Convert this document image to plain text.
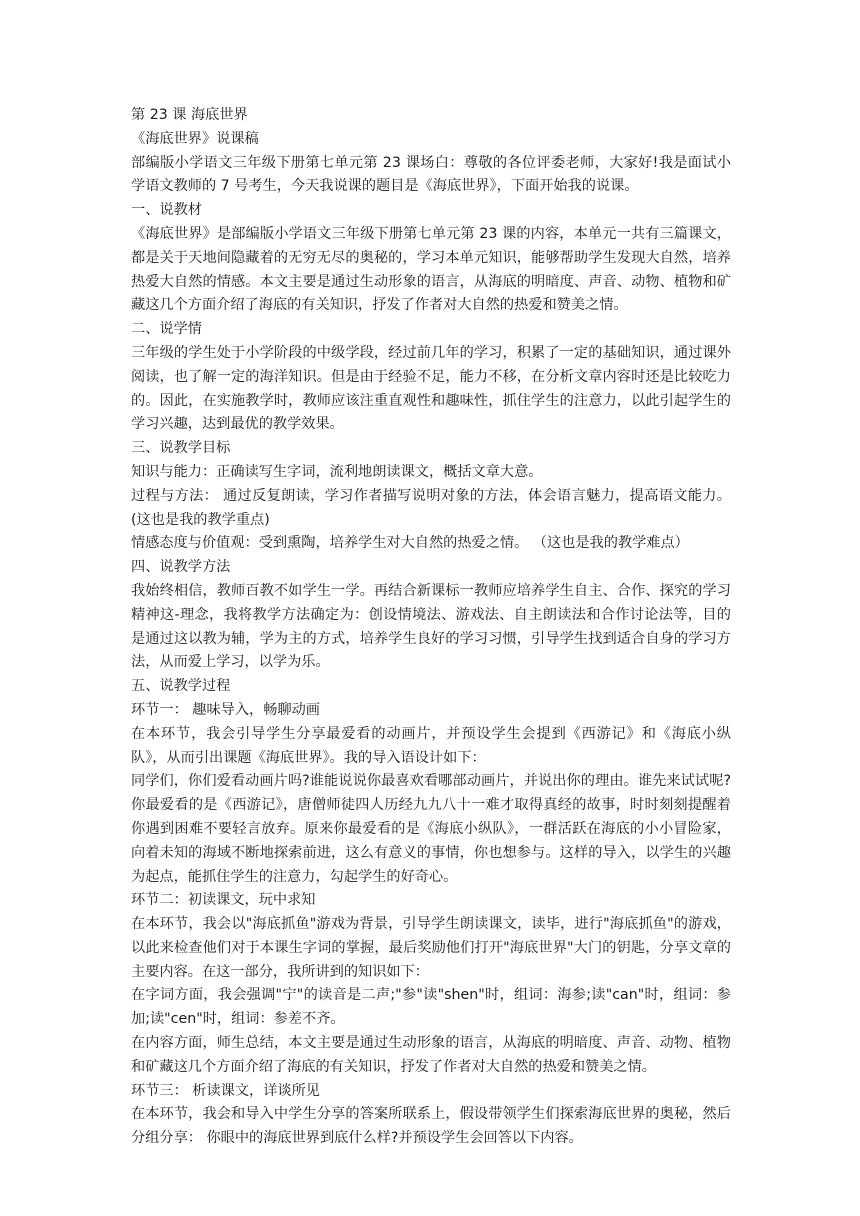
第 23 课 海底世界

《海底世界》说课稿

部编版小学语文三年级下册第七单元第 23 课场白：尊敬的各位评委老师，大家好!我是面试小学语文教师的 7 号考生，今天我说课的题目是《海底世界》，下面开始我的说课。

一、说教材

《海底世界》是部编版小学语文三年级下册第七单元第 23 课的内容，本单元一共有三篇课文，都是关于天地间隐藏着的无穷无尽的奥秘的，学习本单元知识，能够帮助学生发现大自然，培养热爱大自然的情感。本文主要是通过生动形象的语言，从海底的明暗度、声音、动物、植物和矿藏这几个方面介绍了海底的有关知识，抒发了作者对大自然的热爱和赞美之情。

二、说学情

三年级的学生处于小学阶段的中级学段，经过前几年的学习，积累了一定的基础知识，通过课外阅读，也了解一定的海洋知识。但是由于经验不足，能力不移，在分析文章内容时还是比较吃力的。因此，在实施教学时，教师应该注重直观性和趣味性，抓住学生的注意力，以此引起学生的学习兴趣，达到最优的教学效果。

三、说教学目标

知识与能力：正确读写生字词，流利地朗读课文，概括文章大意。

过程与方法： 通过反复朗读，学习作者描写说明对象的方法，体会语言魅力，提高语文能力。(这也是我的教学重点)

情感态度与价值观：受到熏陶，培养学生对大自然的热爱之情。 （这也是我的教学难点）

四、说教学方法

我始终相信，教师百教不如学生一学。再结合新课标一教师应培养学生自主、合作、探究的学习精神这-理念，我将教学方法确定为：创设情境法、游戏法、自主朗读法和合作讨论法等，目的是通过这以教为辅，学为主的方式，培养学生良好的学习习惯，引导学生找到适合自身的学习方法，从而爱上学习，以学为乐。

五、说教学过程

环节一： 趣味导入，畅聊动画

在本环节，我会引导学生分享最爱看的动画片，并预设学生会提到《西游记》和《海底小纵队》，从而引出课题《海底世界》。我的导入语设计如下：

同学们，你们爱看动画片吗?谁能说说你最喜欢看哪部动画片，并说出你的理由。谁先来试试呢? 你最爱看的是《西游记》，唐僧师徒四人历经九九八十一难才取得真经的故事，时时刻刻提醒着你遇到困难不要轻言放弃。原来你最爱看的是《海底小纵队》，一群活跃在海底的小小冒险家，向着未知的海域不断地探索前进，这么有意义的事情，你也想参与。这样的导入，以学生的兴趣为起点，能抓住学生的注意力，勾起学生的好奇心。

环节二：初读课文，玩中求知

在本环节，我会以"海底抓鱼"游戏为背景，引导学生朗读课文，读毕，进行"海底抓鱼"的游戏，以此来检查他们对于本课生字词的掌握，最后奖励他们打开"海底世界"大门的钥匙，分享文章的主要内容。在这一部分，我所讲到的知识如下：

在字词方面，我会强调"宁"的读音是二声;"参"读"shen"时，组词：海参;读"can"时，组词：参加;读"cen"时，组词：参差不齐。

在内容方面，师生总结，本文主要是通过生动形象的语言，从海底的明暗度、声音、动物、植物和矿藏这几个方面介绍了海底的有关知识，抒发了作者对大自然的热爱和赞美之情。

环节三： 析读课文，详谈所见

在本环节，我会和导入中学生分享的答案所联系上，假设带领学生们探索海底世界的奥秘，然后分组分享： 你眼中的海底世界到底什么样?并预设学生会回答以下内容。
